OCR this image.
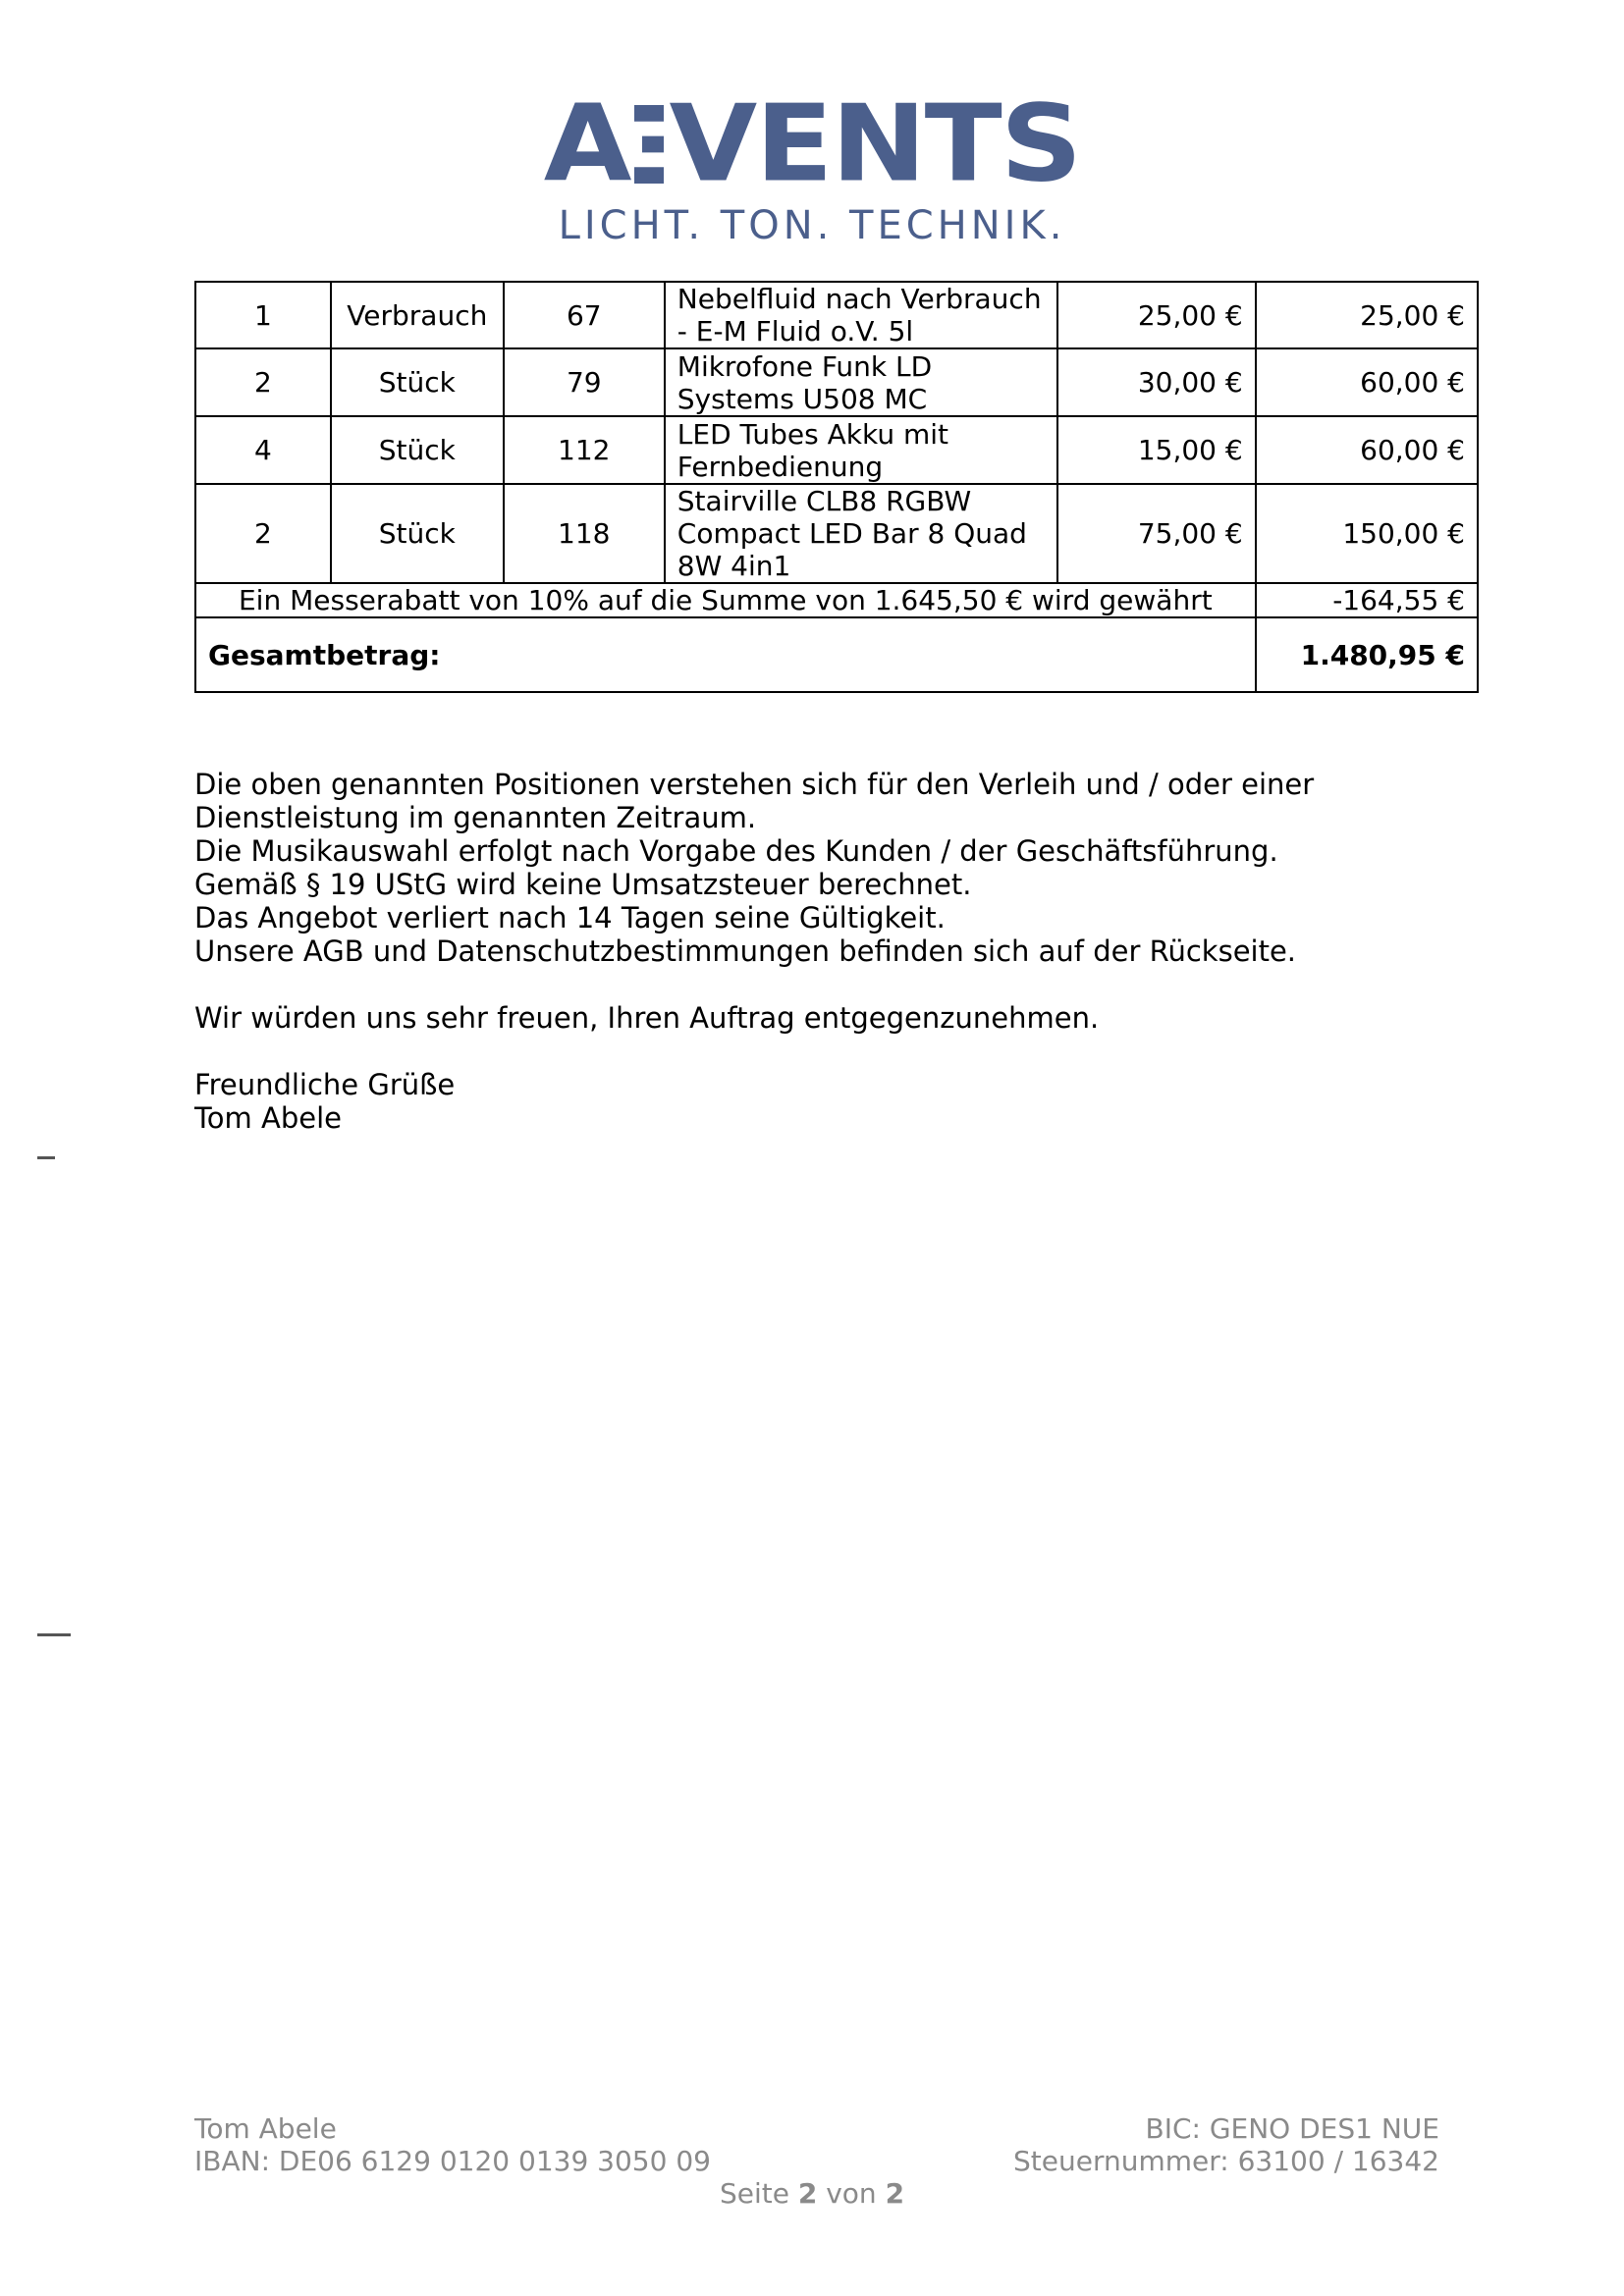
A VENTS
LICHT. TON. TECHNIK.
1	Verbrauch	67	Nebelfluid nach Verbrauch - E-M Fluid o.V. 5l	25,00 €	25,00 €
2	Stück	79	Mikrofone Funk LD Systems U508 MC	30,00 €	60,00 €
4	Stück	112	LED Tubes Akku mit Fernbedienung	15,00 €	60,00 €
2	Stück	118	Stairville CLB8 RGBW Compact LED Bar 8 Quad 8W 4in1	75,00 €	150,00 €
Ein Messerabatt von 10% auf die Summe von 1.645,50 € wird gewährt					-164,55 €
Gesamtbetrag:					1.480,95 €

Die oben genannten Positionen verstehen sich für den Verleih und / oder einer

Dienstleistung im genannten Zeitraum.

Die Musikauswahl erfolgt nach Vorgabe des Kunden / der Geschäftsführung.

Gemäß § 19 UStG wird keine Umsatzsteuer berechnet.

Das Angebot verliert nach 14 Tagen seine Gültigkeit.

Unsere AGB und Datenschutzbestimmungen befinden sich auf der Rückseite.

Wir würden uns sehr freuen, Ihren Auftrag entgegenzunehmen.

Freundliche Grüße

Tom Abele

Tom Abele
IBAN: DE06 6129 0120 0139 3050 09
BIC: GENO DES1 NUE
Steuernummer: 63100 / 16342
Seite 2 von 2
